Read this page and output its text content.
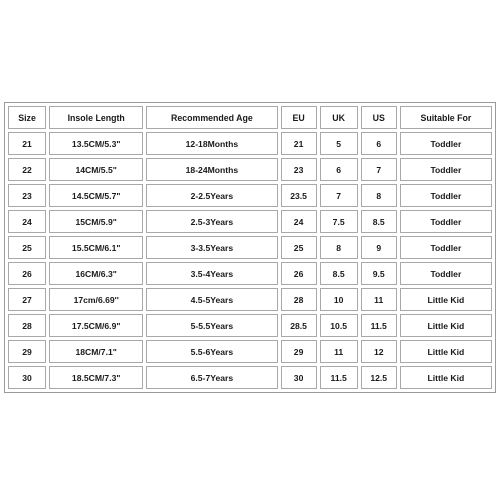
Size	Insole Length	Recommended Age	EU	UK	US	Suitable For
21	13.5CM/5.3"	12-18Months	21	5	6	Toddler
22	14CM/5.5"	18-24Months	23	6	7	Toddler
23	14.5CM/5.7"	2-2.5Years	23.5	7	8	Toddler
24	15CM/5.9"	2.5-3Years	24	7.5	8.5	Toddler
25	15.5CM/6.1"	3-3.5Years	25	8	9	Toddler
26	16CM/6.3"	3.5-4Years	26	8.5	9.5	Toddler
27	17cm/6.69''	4.5-5Years	28	10	11	Little Kid
28	17.5CM/6.9"	5-5.5Years	28.5	10.5	11.5	Little Kid
29	18CM/7.1"	5.5-6Years	29	11	12	Little Kid
30	18.5CM/7.3"	6.5-7Years	30	11.5	12.5	Little Kid
